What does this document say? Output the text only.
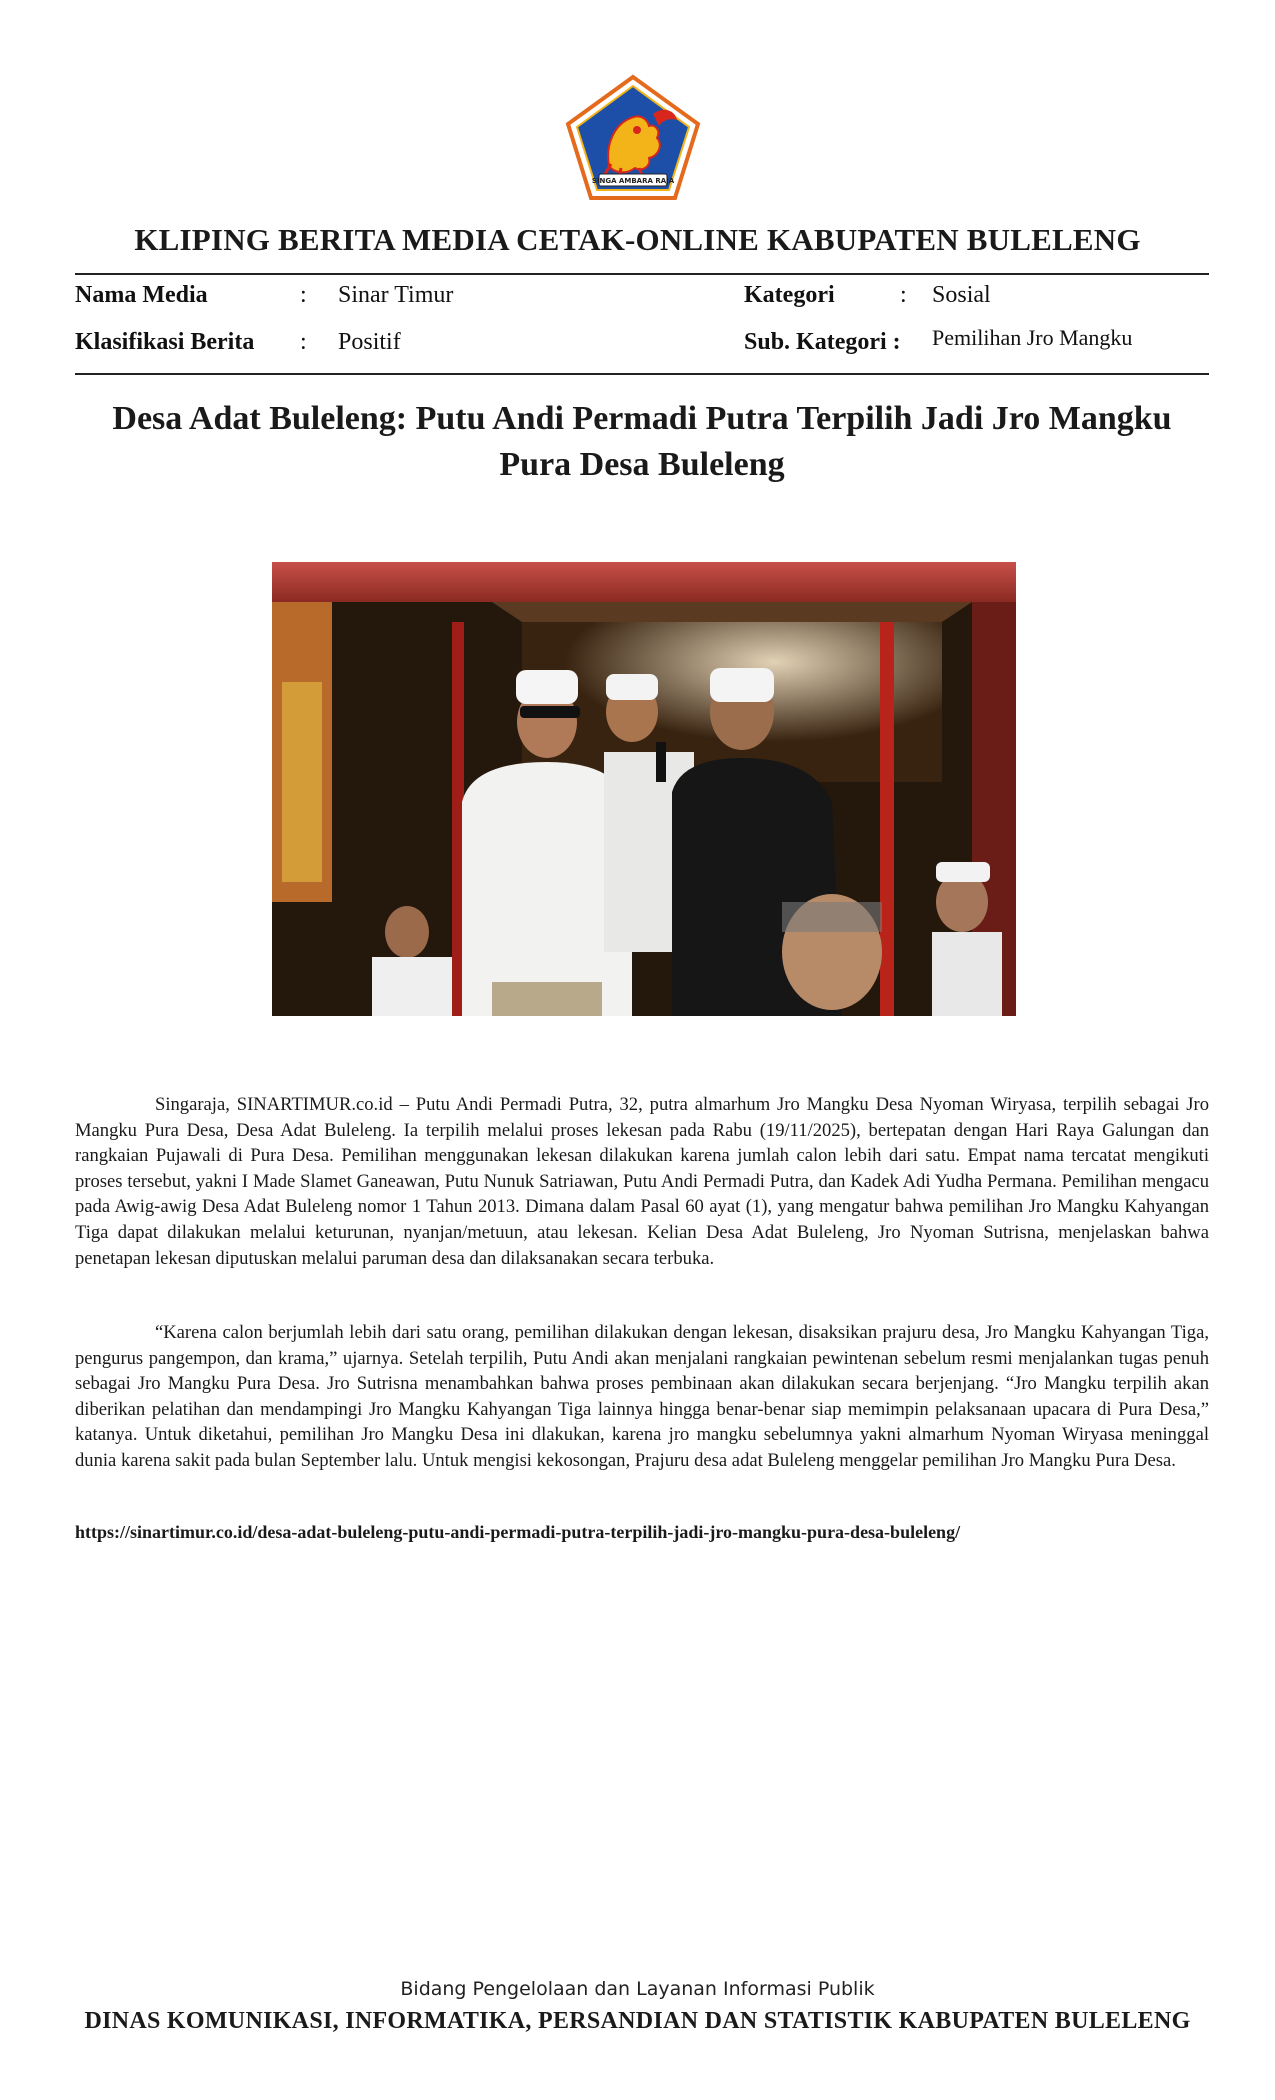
SINGA AMBARA RAJA
KLIPING BERITA MEDIA CETAK-ONLINE KABUPATEN BULELENG
Nama Media	: Sinar Timur	Kategori	: Sosial
Klasifikasi Berita : Positif	Sub. Kategori : Pemilihan Jro Mangku
Desa Adat Buleleng: Putu Andi Permadi Putra Terpilih Jadi Jro Mangku Pura Desa Buleleng

Singaraja, SINARTIMUR.co.id – Putu Andi Permadi Putra, 32, putra almarhum Jro Mangku Desa Nyoman Wiryasa, terpilih sebagai Jro Mangku Pura Desa, Desa Adat Buleleng. Ia terpilih melalui proses lekesan pada Rabu (19/11/2025), bertepatan dengan Hari Raya Galungan dan rangkaian Pujawali di Pura Desa. Pemilihan menggunakan lekesan dilakukan karena jumlah calon lebih dari satu. Empat nama tercatat mengikuti proses tersebut, yakni I Made Slamet Ganeawan, Putu Nunuk Satriawan, Putu Andi Permadi Putra, dan Kadek Adi Yudha Permana. Pemilihan mengacu pada Awig-awig Desa Adat Buleleng nomor 1 Tahun 2013. Dimana dalam Pasal 60 ayat (1), yang mengatur bahwa pemilihan Jro Mangku Kahyangan Tiga dapat dilakukan melalui keturunan, nyanjan/metuun, atau lekesan. Kelian Desa Adat Buleleng, Jro Nyoman Sutrisna, menjelaskan bahwa penetapan lekesan diputuskan melalui paruman desa dan dilaksanakan secara terbuka.

“Karena calon berjumlah lebih dari satu orang, pemilihan dilakukan dengan lekesan, disaksikan prajuru desa, Jro Mangku Kahyangan Tiga, pengurus pangempon, dan krama,” ujarnya. Setelah terpilih, Putu Andi akan menjalani rangkaian pewintenan sebelum resmi menjalankan tugas penuh sebagai Jro Mangku Pura Desa. Jro Sutrisna menambahkan bahwa proses pembinaan akan dilakukan secara berjenjang. “Jro Mangku terpilih akan diberikan pelatihan dan mendampingi Jro Mangku Kahyangan Tiga lainnya hingga benar-benar siap memimpin pelaksanaan upacara di Pura Desa,” katanya. Untuk diketahui, pemilihan Jro Mangku Desa ini dlakukan, karena jro mangku sebelumnya yakni almarhum Nyoman Wiryasa meninggal dunia karena sakit pada bulan September lalu. Untuk mengisi kekosongan, Prajuru desa adat Buleleng menggelar pemilihan Jro Mangku Pura Desa.

https://sinartimur.co.id/desa-adat-buleleng-putu-andi-permadi-putra-terpilih-jadi-jro-mangku-pura-desa-buleleng/
Bidang Pengelolaan dan Layanan Informasi Publik
DINAS KOMUNIKASI, INFORMATIKA, PERSANDIAN DAN STATISTIK KABUPATEN BULELENG
